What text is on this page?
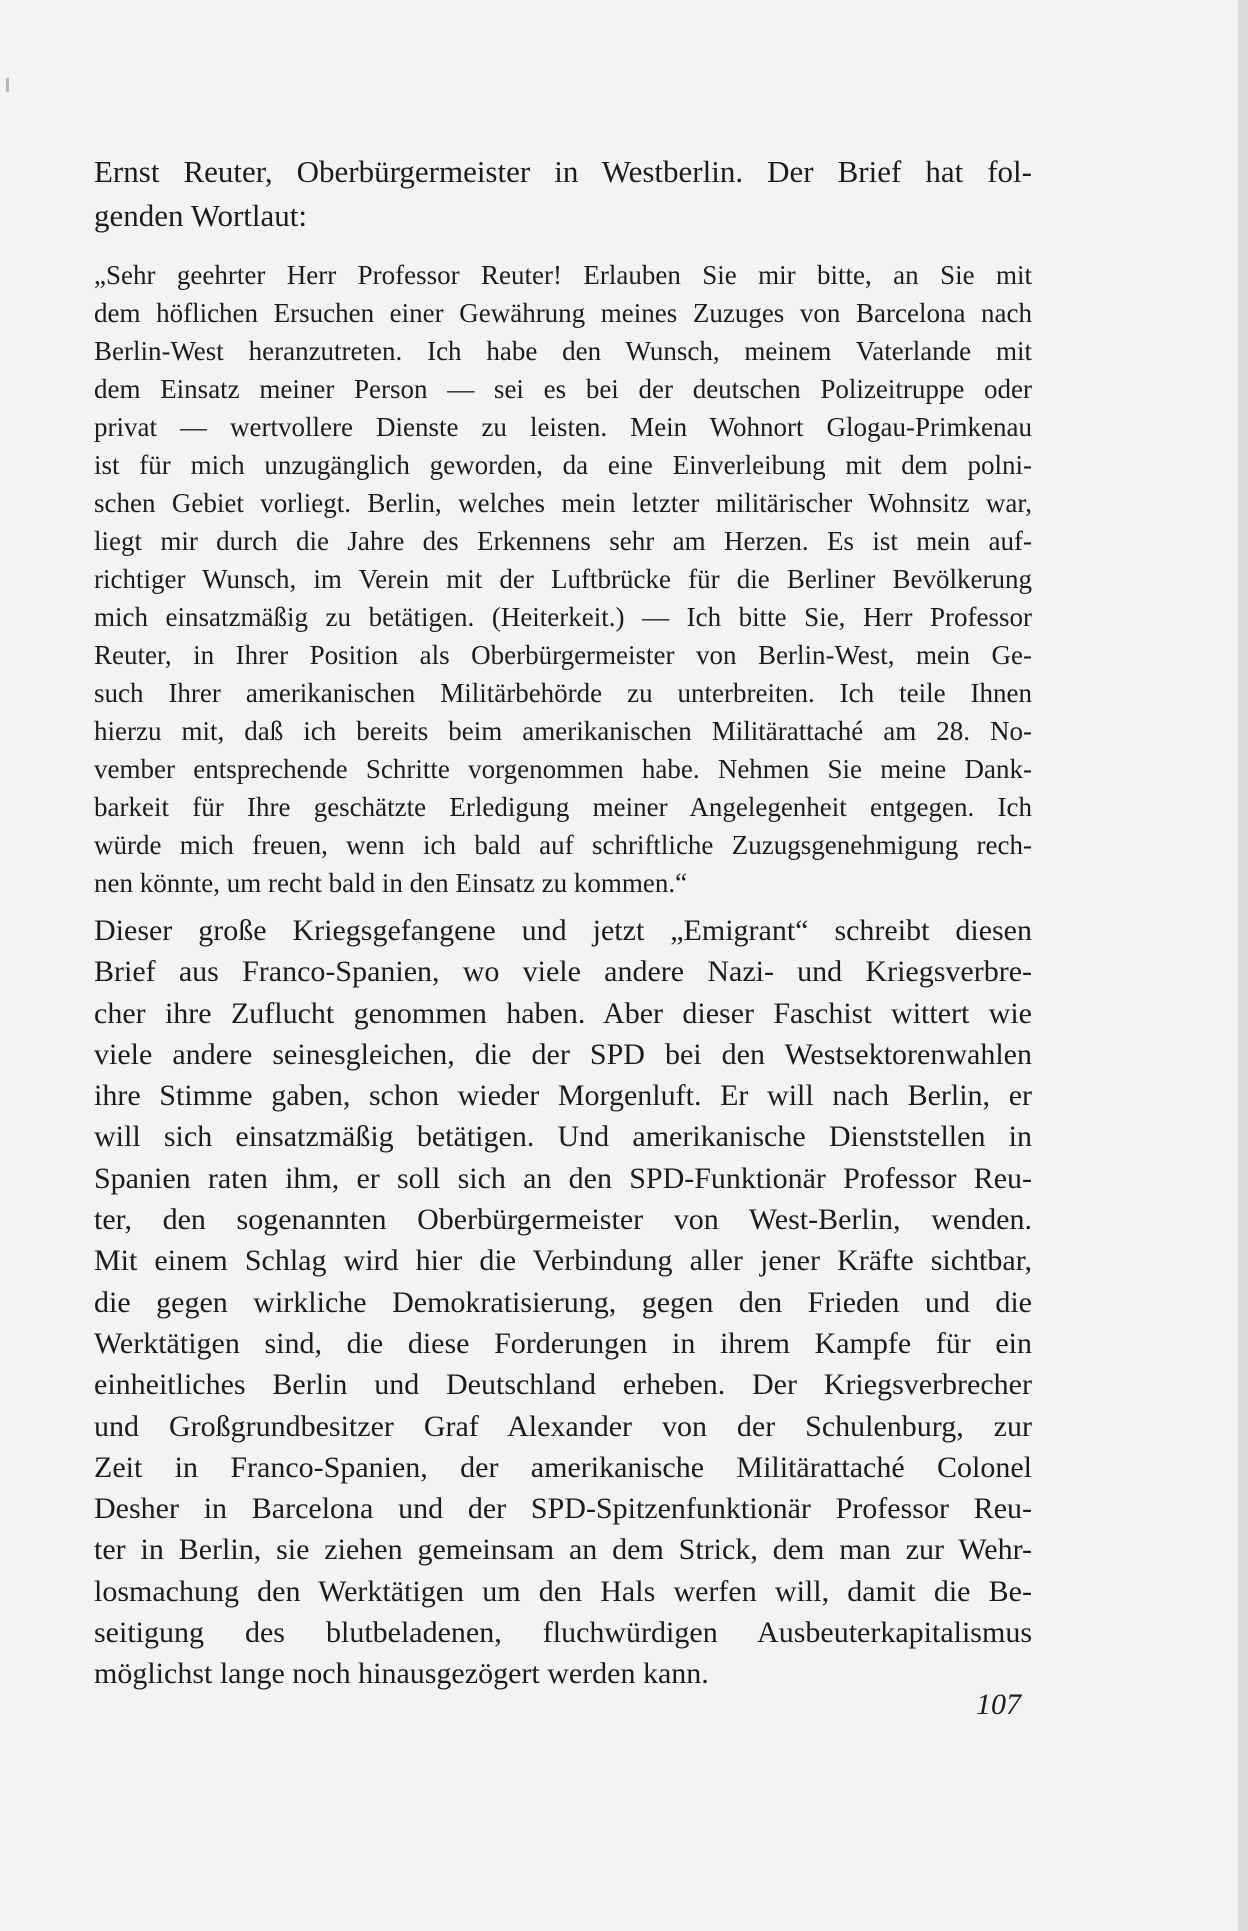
Ernst Reuter, Oberbürgermeister in Westberlin. Der Brief hat fol-
genden Wortlaut:
„Sehr geehrter Herr Professor Reuter! Erlauben Sie mir bitte, an Sie mit
dem höflichen Ersuchen einer Gewährung meines Zuzuges von Barcelona nach
Berlin-West heranzutreten. Ich habe den Wunsch, meinem Vaterlande mit
dem Einsatz meiner Person — sei es bei der deutschen Polizeitruppe oder
privat — wertvollere Dienste zu leisten. Mein Wohnort Glogau-Primkenau
ist für mich unzugänglich geworden, da eine Einverleibung mit dem polni-
schen Gebiet vorliegt. Berlin, welches mein letzter militärischer Wohnsitz war,
liegt mir durch die Jahre des Erkennens sehr am Herzen. Es ist mein auf-
richtiger Wunsch, im Verein mit der Luftbrücke für die Berliner Bevölkerung
mich einsatzmäßig zu betätigen. (Heiterkeit.) — Ich bitte Sie, Herr Professor
Reuter, in Ihrer Position als Oberbürgermeister von Berlin-West, mein Ge-
such Ihrer amerikanischen Militärbehörde zu unterbreiten. Ich teile Ihnen
hierzu mit, daß ich bereits beim amerikanischen Militärattaché am 28. No-
vember entsprechende Schritte vorgenommen habe. Nehmen Sie meine Dank-
barkeit für Ihre geschätzte Erledigung meiner Angelegenheit entgegen. Ich
würde mich freuen, wenn ich bald auf schriftliche Zuzugsgenehmigung rech-
nen könnte, um recht bald in den Einsatz zu kommen.“
Dieser große Kriegsgefangene und jetzt „Emigrant“ schreibt diesen
Brief aus Franco-Spanien, wo viele andere Nazi- und Kriegsverbre-
cher ihre Zuflucht genommen haben. Aber dieser Faschist wittert wie
viele andere seinesgleichen, die der SPD bei den Westsektorenwahlen
ihre Stimme gaben, schon wieder Morgenluft. Er will nach Berlin, er
will sich einsatzmäßig betätigen. Und amerikanische Dienststellen in
Spanien raten ihm, er soll sich an den SPD-Funktionär Professor Reu-
ter, den sogenannten Oberbürgermeister von West-Berlin, wenden.
Mit einem Schlag wird hier die Verbindung aller jener Kräfte sichtbar,
die gegen wirkliche Demokratisierung, gegen den Frieden und die
Werktätigen sind, die diese Forderungen in ihrem Kampfe für ein
einheitliches Berlin und Deutschland erheben. Der Kriegsverbrecher
und Großgrundbesitzer Graf Alexander von der Schulenburg, zur
Zeit in Franco-Spanien, der amerikanische Militärattaché Colonel
Desher in Barcelona und der SPD-Spitzenfunktionär Professor Reu-
ter in Berlin, sie ziehen gemeinsam an dem Strick, dem man zur Wehr-
losmachung den Werktätigen um den Hals werfen will, damit die Be-
seitigung des blutbeladenen, fluchwürdigen Ausbeuterkapitalismus
möglichst lange noch hinausgezögert werden kann.
107
